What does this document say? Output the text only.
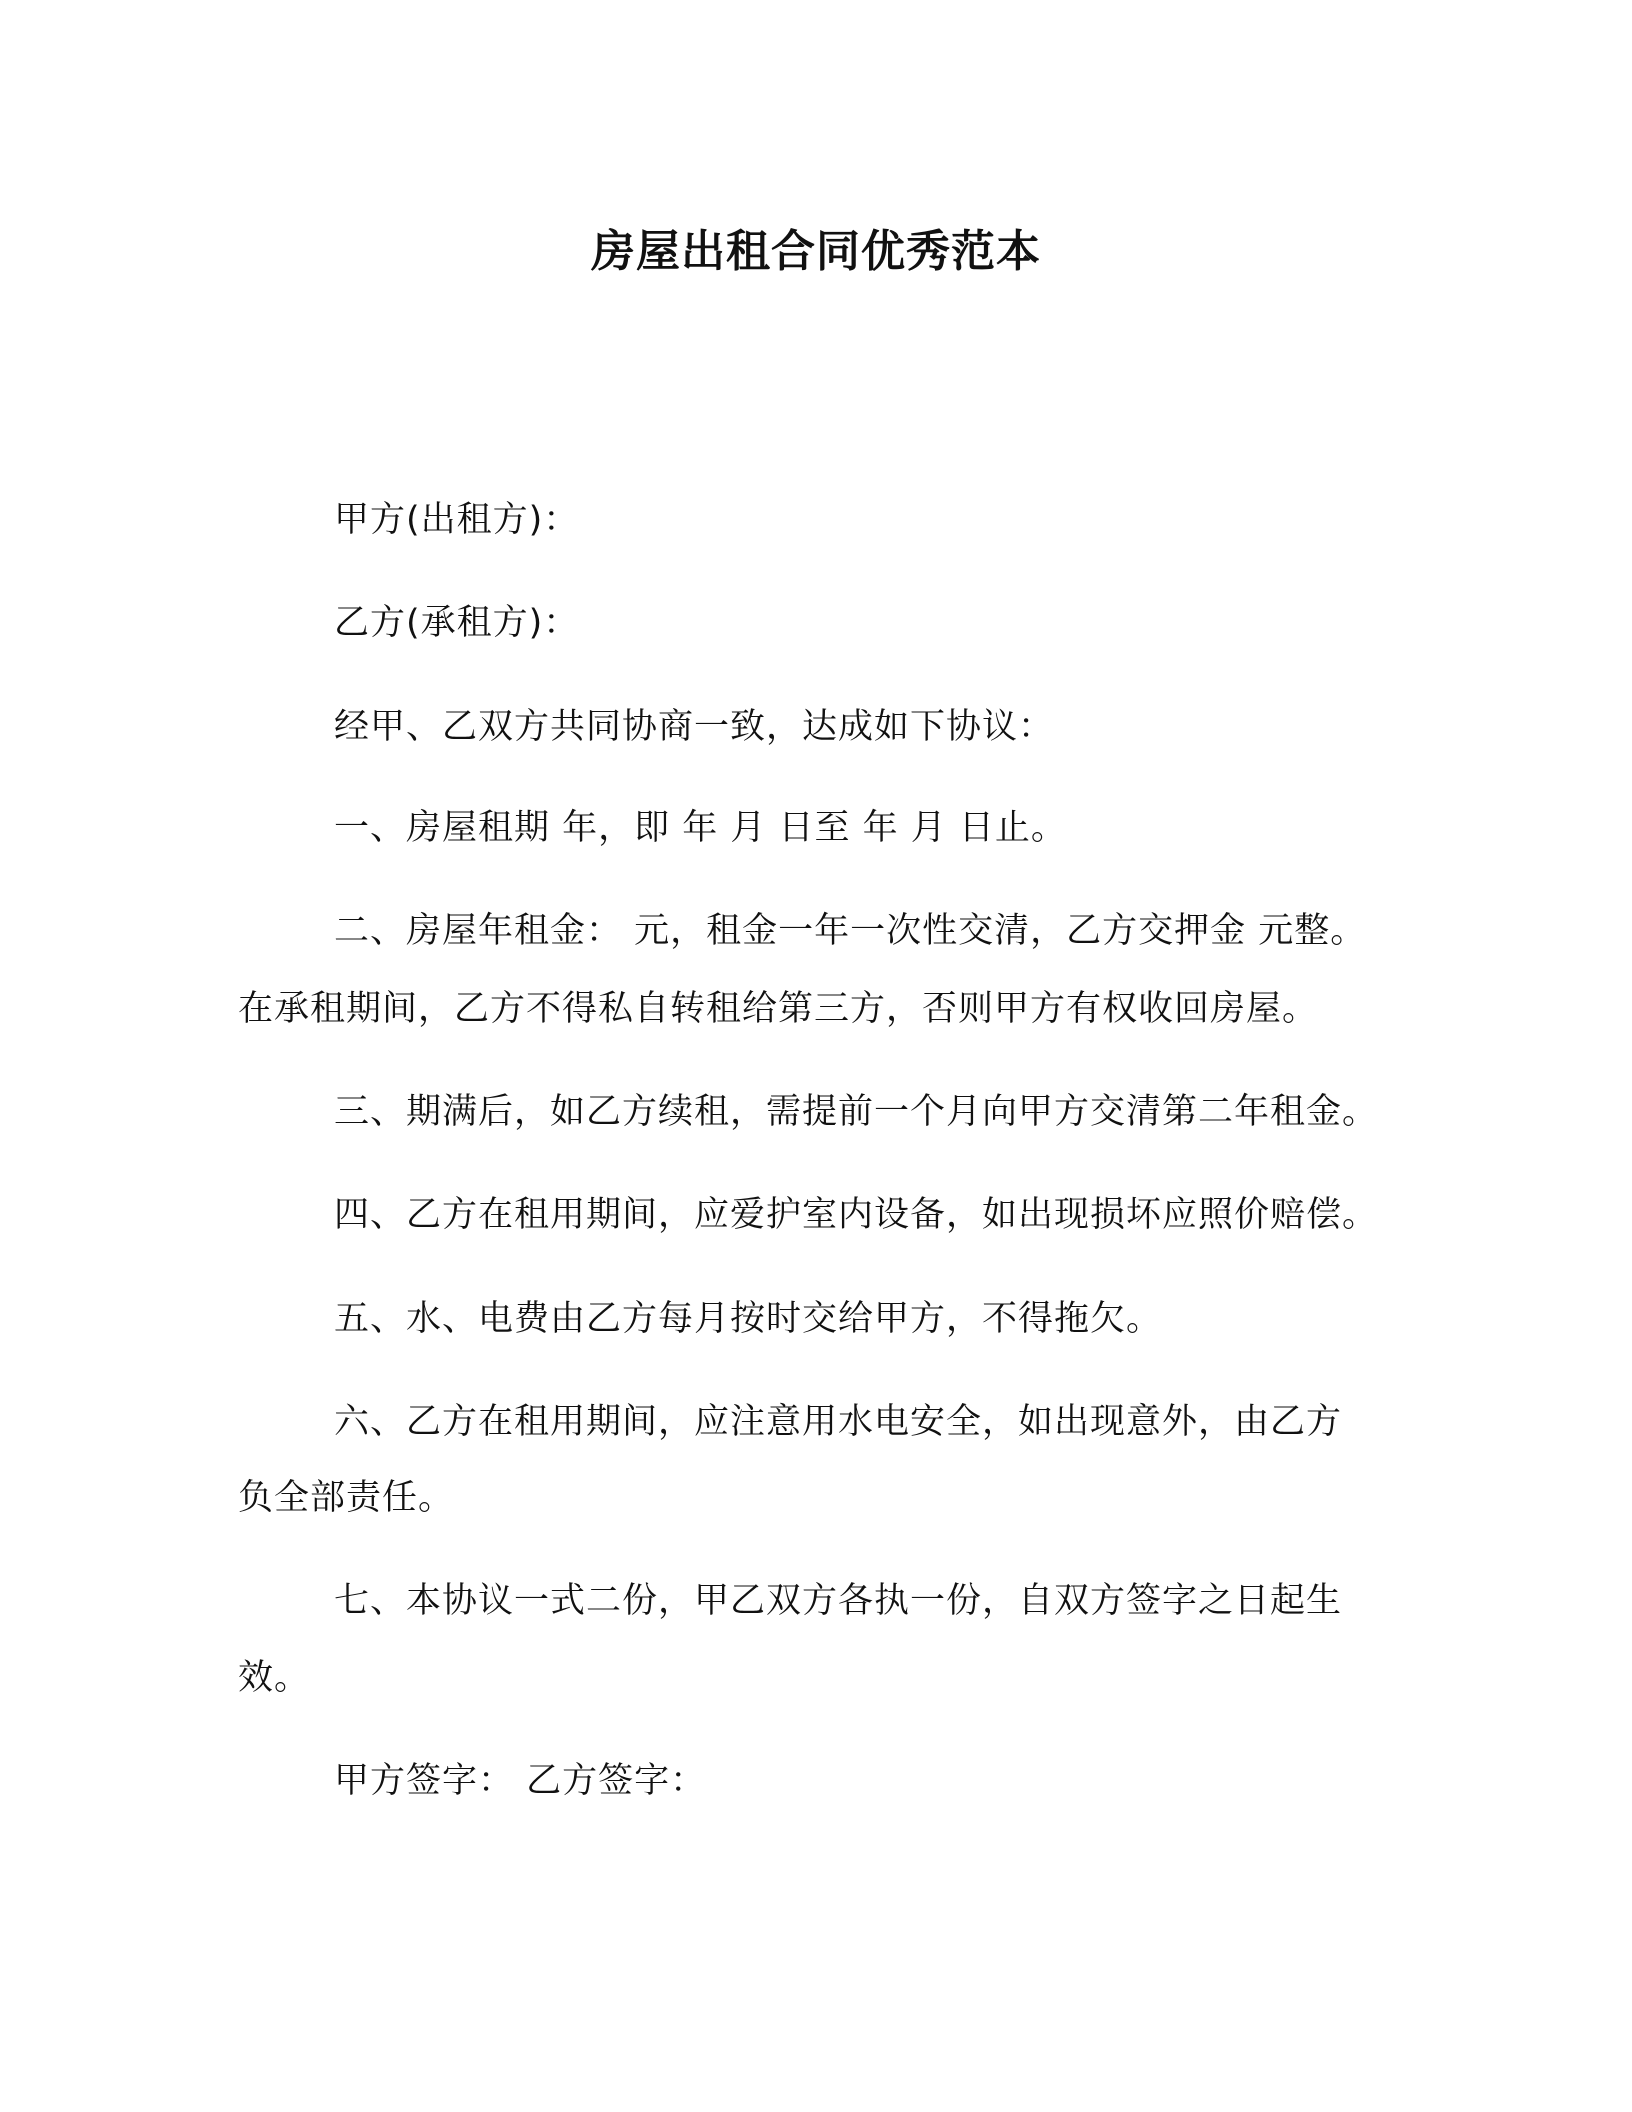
房屋出租合同优秀范本
甲方(出租方)：
乙方(承租方)：
经甲、乙双方共同协商一致，达成如下协议：
一、房屋租期 年，即 年 月 日至 年 月 日止。
二、房屋年租金： 元，租金一年一次性交清，乙方交押金 元整。
在承租期间，乙方不得私自转租给第三方，否则甲方有权收回房屋。
三、期满后，如乙方续租，需提前一个月向甲方交清第二年租金。
四、乙方在租用期间，应爱护室内设备，如出现损坏应照价赔偿。
五、水、电费由乙方每月按时交给甲方，不得拖欠。
六、乙方在租用期间，应注意用水电安全，如出现意外，由乙方
负全部责任。
七、本协议一式二份，甲乙双方各执一份，自双方签字之日起生
效。
甲方签字： 乙方签字：
